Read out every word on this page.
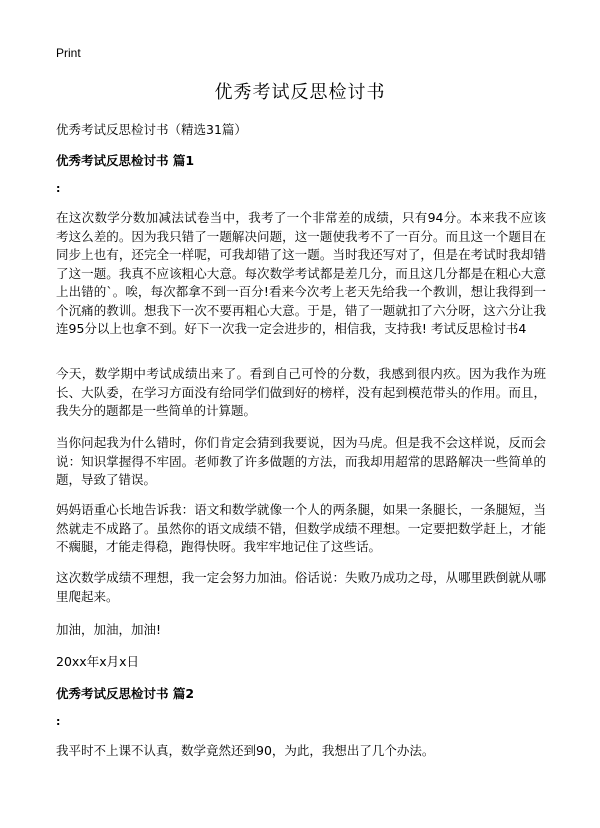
Print
优秀考试反思检讨书
优秀考试反思检讨书（精选31篇）
优秀考试反思检讨书 篇1
:

在这次数学分数加减法试卷当中，我考了一个非常差的成绩，只有94分。本来我不应该考这么差的。因为我只错了一题解决问题，这一题使我考不了一百分。而且这一个题目在同步上也有，还完全一样呢，可我却错了这一题。当时我还写对了，但是在考试时我却错了这一题。我真不应该粗心大意。每次数学考试都是差几分，而且这几分都是在粗心大意上出错的`。唉，每次都拿不到一百分!看来今次考上老天先给我一个教训，想让我得到一个沉痛的教训。想我下一次不要再粗心大意。于是，错了一题就扣了六分呀，这六分让我连95分以上也拿不到。好下一次我一定会进步的，相信我，支持我! 考试反思检讨书4

今天，数学期中考试成绩出来了。看到自己可怜的分数，我感到很内疚。因为我作为班长、大队委，在学习方面没有给同学们做到好的榜样，没有起到模范带头的作用。而且，我失分的题都是一些简单的计算题。

当你问起我为什么错时，你们肯定会猜到我要说，因为马虎。但是我不会这样说，反而会说：知识掌握得不牢固。老师教了许多做题的方法，而我却用超常的思路解决一些简单的题，导致了错误。

妈妈语重心长地告诉我：语文和数学就像一个人的两条腿，如果一条腿长，一条腿短，当然就走不成路了。虽然你的语文成绩不错，但数学成绩不理想。一定要把数学赶上，才能不瘸腿，才能走得稳，跑得快呀。我牢牢地记住了这些话。

这次数学成绩不理想，我一定会努力加油。俗话说：失败乃成功之母，从哪里跌倒就从哪里爬起来。

加油，加油，加油!
20xx年x月x日
优秀考试反思检讨书 篇2
:

我平时不上课不认真，数学竟然还到90，为此，我想出了几个办法。
